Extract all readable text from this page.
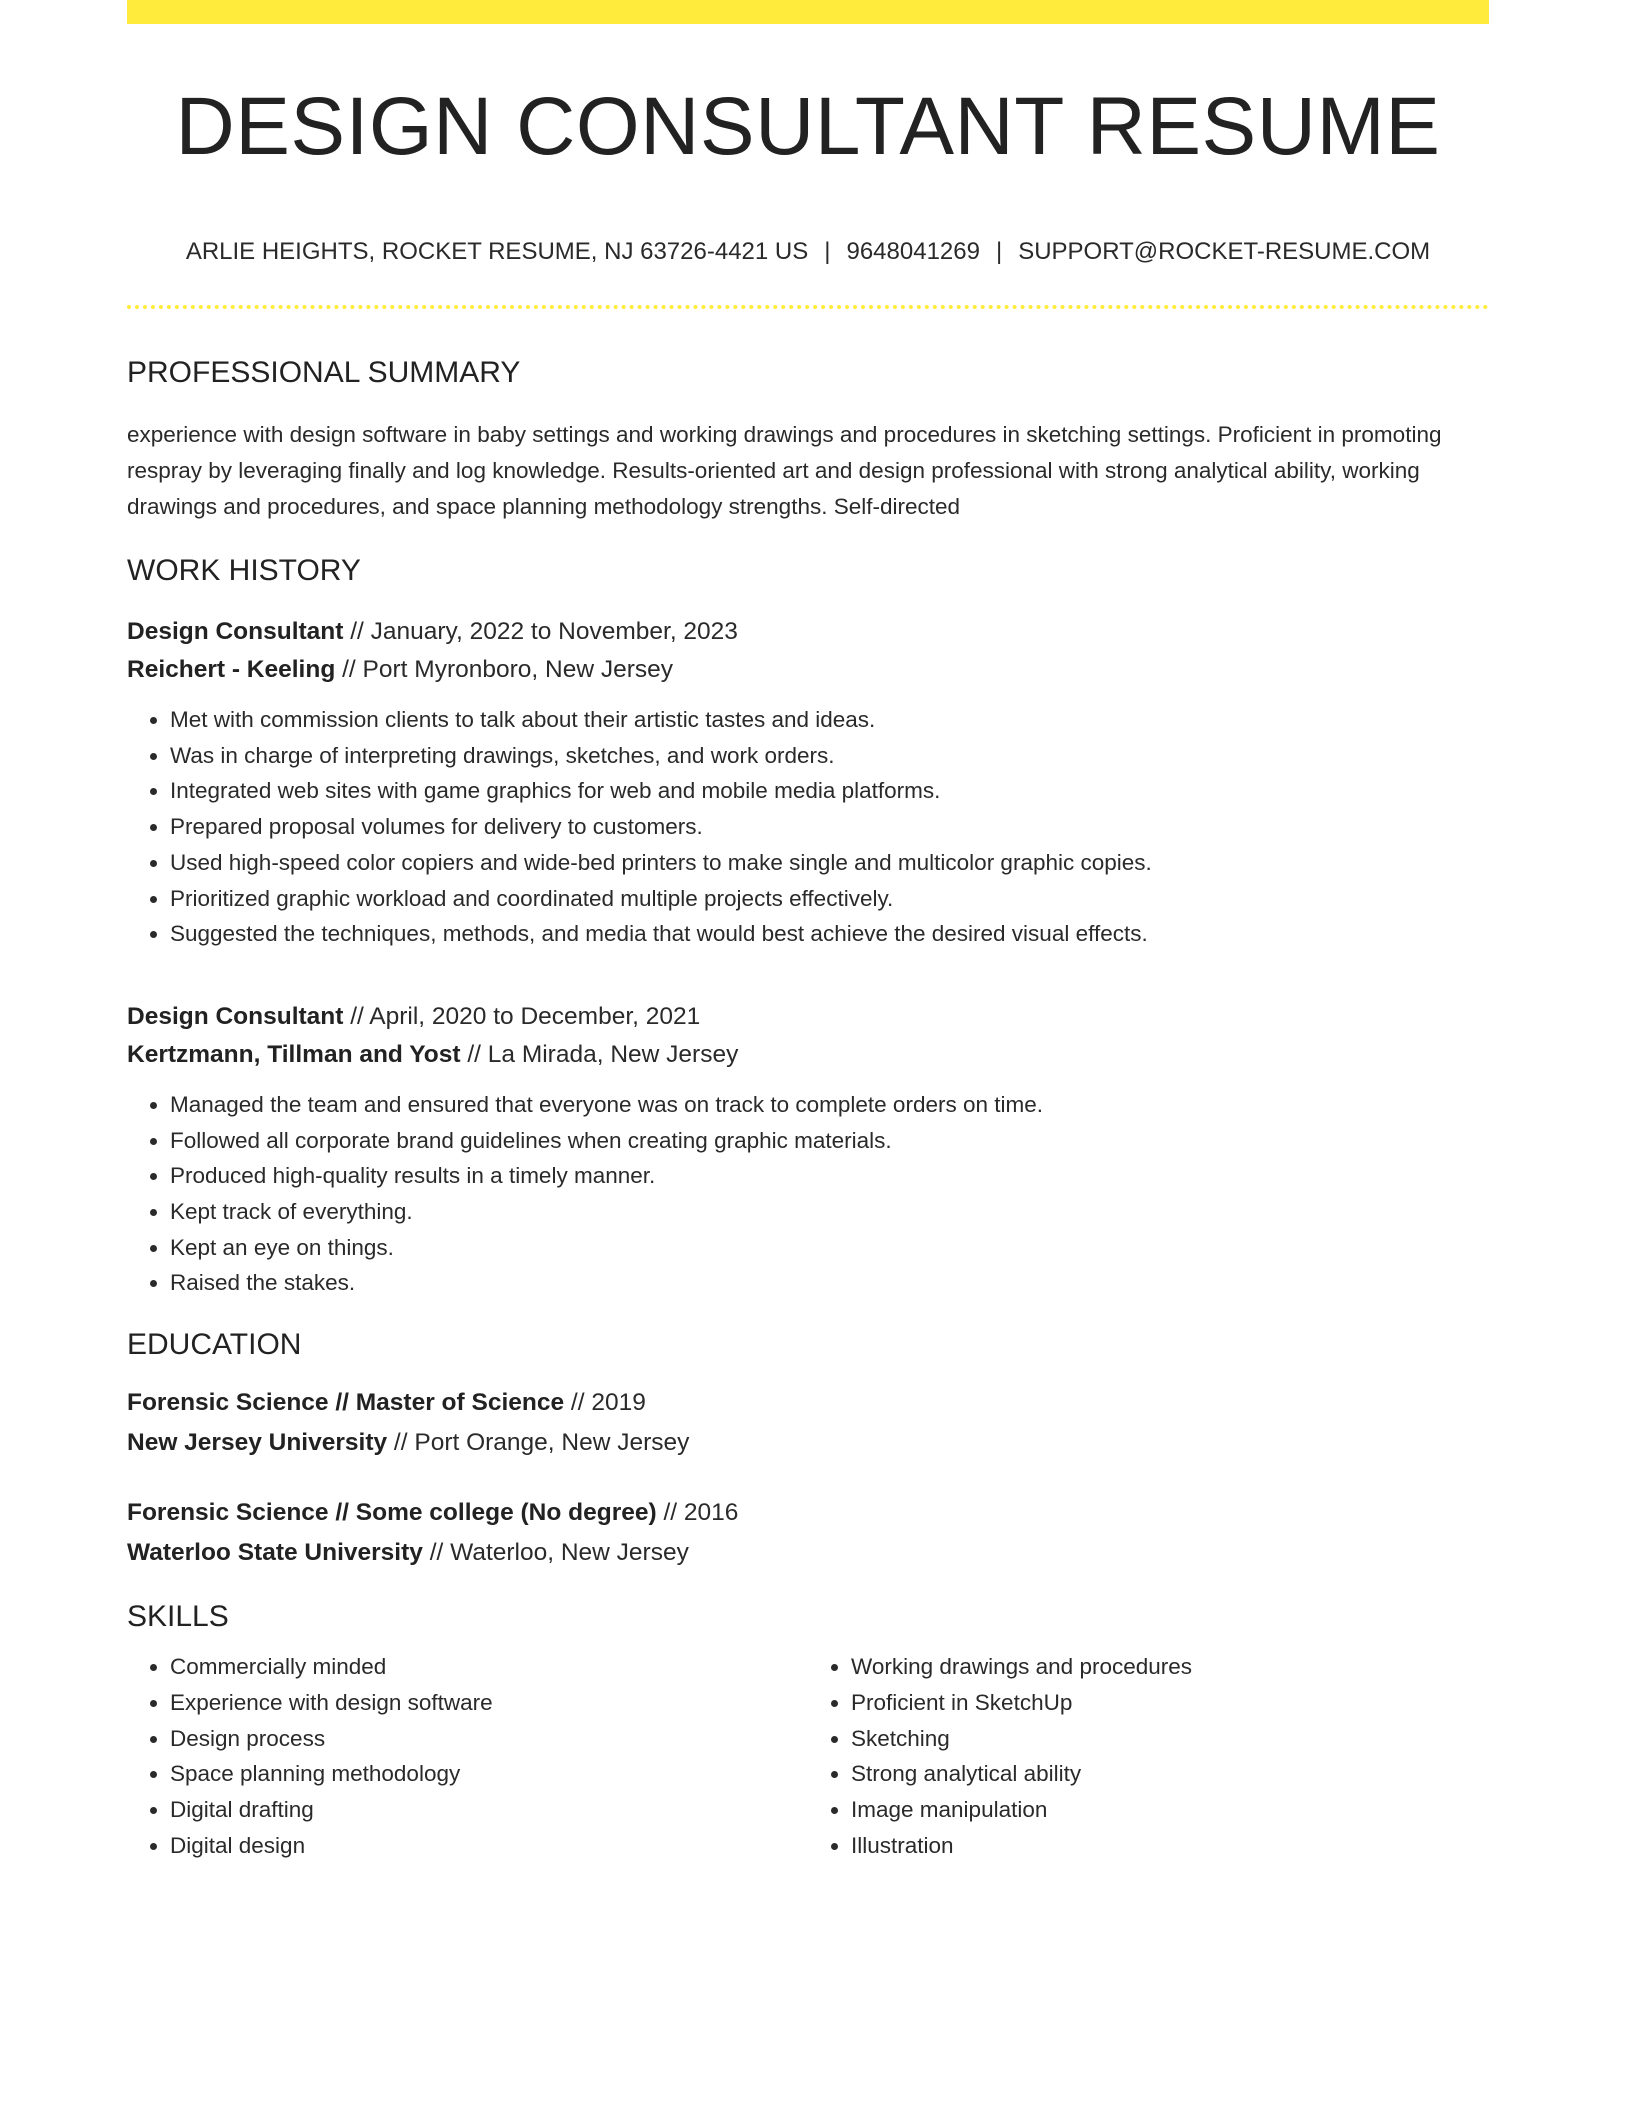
DESIGN CONSULTANT RESUME
ARLIE HEIGHTS, ROCKET RESUME, NJ 63726-4421 US | 9648041269 | SUPPORT@ROCKET-RESUME.COM
PROFESSIONAL SUMMARY

experience with design software in baby settings and working drawings and procedures in sketching settings. Proficient in promoting respray by leveraging finally and log knowledge. Results-oriented art and design professional with strong analytical ability, working drawings and procedures, and space planning methodology strengths. Self-directed

WORK HISTORY
Design Consultant // January, 2022 to November, 2023
Reichert - Keeling // Port Myronboro, New Jersey
• Met with commission clients to talk about their artistic tastes and ideas.
• Was in charge of interpreting drawings, sketches, and work orders.
• Integrated web sites with game graphics for web and mobile media platforms.
• Prepared proposal volumes for delivery to customers.
• Used high-speed color copiers and wide-bed printers to make single and multicolor graphic copies.
• Prioritized graphic workload and coordinated multiple projects effectively.
• Suggested the techniques, methods, and media that would best achieve the desired visual effects.
Design Consultant // April, 2020 to December, 2021
Kertzmann, Tillman and Yost // La Mirada, New Jersey
• Managed the team and ensured that everyone was on track to complete orders on time.
• Followed all corporate brand guidelines when creating graphic materials.
• Produced high-quality results in a timely manner.
• Kept track of everything.
• Kept an eye on things.
• Raised the stakes.
EDUCATION
Forensic Science // Master of Science // 2019
New Jersey University // Port Orange, New Jersey
Forensic Science // Some college (No degree) // 2016
Waterloo State University // Waterloo, New Jersey
SKILLS
• Commercially minded
• Experience with design software
• Design process
• Space planning methodology
• Digital drafting
• Digital design
• Working drawings and procedures
• Proficient in SketchUp
• Sketching
• Strong analytical ability
• Image manipulation
• Illustration
